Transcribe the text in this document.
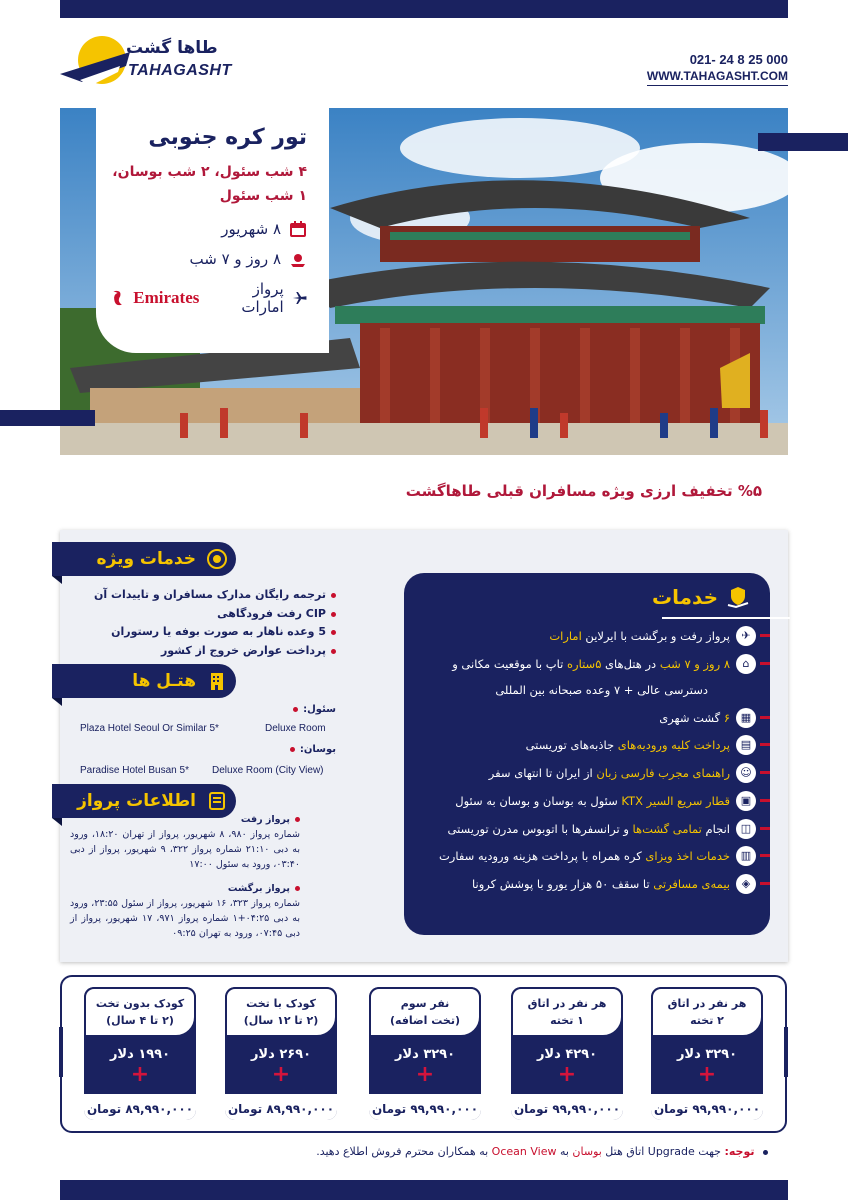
طاها گشت
TAHAGASHT
021- 24 8 25 000
WWW.TAHAGASHT.COM
تور کره جنوبی
۴ شب سئول، ۲ شب بوسان،
۱ شب سئول
۸ شهریور
۸ روز و ۷ شب
پرواز امارات
Emirates
%۵ تخفیف ارزی ویژه مسافران قبلی طاهاگشت
خدمات ویژه
ترجمه رایگان مدارک مسافران و تاییدات آن
CIP رفت فرودگاهی
5 وعده ناهار به صورت بوفه یا رستوران
پرداخت عوارض خروج از کشور
هتـل ها
سئول:
Deluxe Room
Plaza Hotel Seoul Or Similar 5*
بوسان:
Deluxe Room (City View)
Paradise Hotel Busan 5*
اطلاعات پرواز
پرواز رفت
شماره پرواز ۹۸۰، ۸ شهریور، پرواز از تهران ۱۸:۲۰، ورود به دبی ۲۱:۱۰ شماره پرواز ۳۲۲، ۹ شهریور، پرواز از دبی ۰۳:۴۰، ورود به سئول ۱۷:۰۰
پرواز برگشت
شماره پرواز ۳۲۳، ۱۶ شهریور، پرواز از سئول ۲۳:۵۵، ورود به دبی ۰۴:۲۵+۱ شماره پرواز ۹۷۱، ۱۷ شهریور، پرواز از دبی ۰۷:۴۵، ورود به تهران ۰۹:۲۵
خدمات
✈
پرواز رفت و برگشت با ایرلاین امارات
⌂
۸ روز و ۷ شب در هتل‌های ۵ستاره تاپ با موقعیت مکانی و
دسترسی عالی + ۷ وعده صبحانه بین المللی
▦
۶ گشت شهری
▤
پرداخت کلیه ورودیه‌های جاذبه‌های توریستی
☺
راهنمای مجرب فارسی زبان از ایران تا انتهای سفر
▣
قطار سریع السیر KTX سئول به بوسان و بوسان به سئول
◫
انجام تمامی گشت‌ها و ترانسفرها با اتوبوس مدرن توریستی
▥
خدمات اخذ ویزای کره همراه با پرداخت هزینه ورودیه سفارت
◈
بیمه‌ی مسافرتی تا سقف ۵۰ هزار یورو با پوشش کرونا
هر نفر در اتاق
۲ تخته
۳۲۹۰ دلار
+
۹۹,۹۹۰,۰۰۰ تومان
هر نفر در اتاق
۱ تخته
۴۲۹۰ دلار
+
۹۹,۹۹۰,۰۰۰ تومان
نفر سوم
(تخت اضافه)
۳۲۹۰ دلار
+
۹۹,۹۹۰,۰۰۰ تومان
کودک با تخت
(۲ تا ۱۲ سال)
۲۶۹۰ دلار
+
۸۹,۹۹۰,۰۰۰ تومان
کودک بدون تخت
(۲ تا ۴ سال)
۱۹۹۰ دلار
+
۸۹,۹۹۰,۰۰۰ تومان
توجه: جهت Upgrade اتاق هتل بوسان به Ocean View به همکاران محترم فروش اطلاع دهید.
